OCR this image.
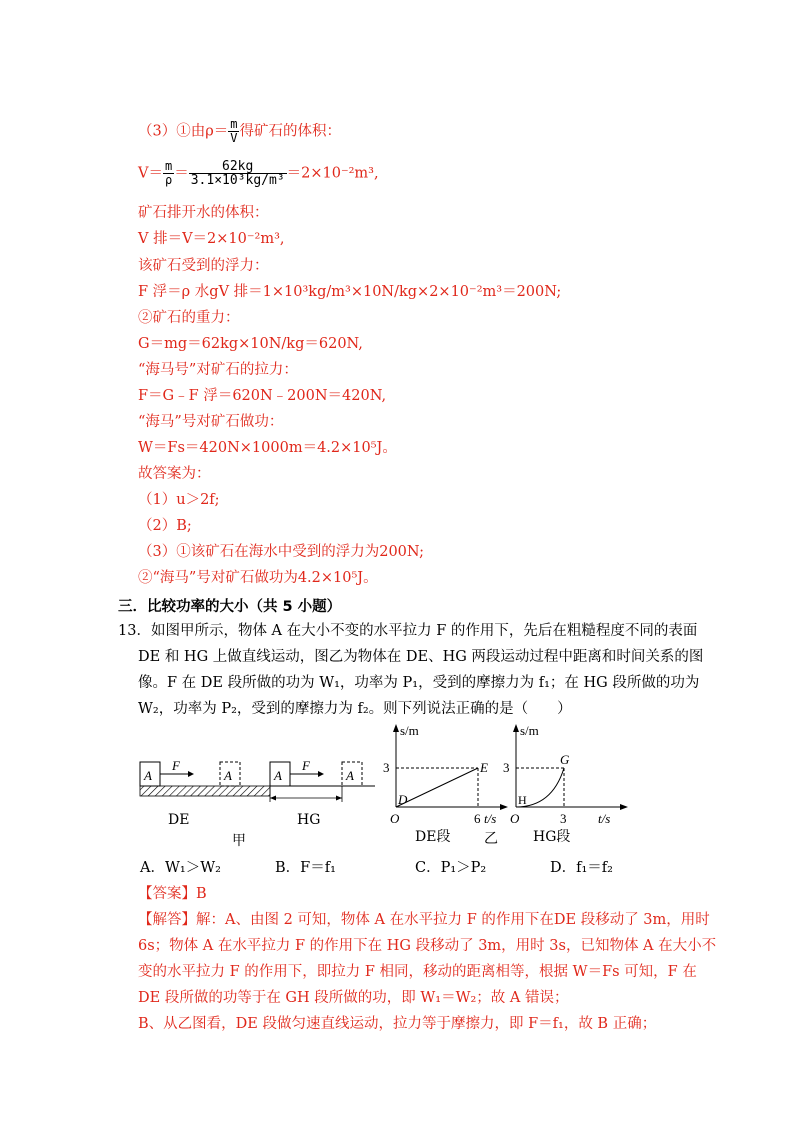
（3）①由$\rho= \frac{m}{V}$ 得矿石的体积：
$V= \frac{m}{\rho} = \frac{62kg}{\text{3.1×10³kg/m³}} =2\times 10^{-2}m^3$,
矿石排开水的体积：
V 排＝V＝2×10⁻²m³,
该矿石受到的浮力：
F 浮＝ρ 水gV 排＝1×10³kg/m³×10N/kg×2×10⁻²m³＝200N;
②矿石的重力：
G＝mg＝62kg×10N/kg＝620N,
“海马号”对矿石的拉力：
F＝G﹣F 浮＝620N﹣200N＝420N,
“海马”号对矿石做功：
W＝Fs＝420N×1000m＝4.2×10⁵J。
故答案为：
（1）u＞2f;
（2）B;
（3）①该矿石在海水中受到的浮力为200N;
②“海马”号对矿石做功为4.2×10⁵J。
三．比较功率的大小（共 5 小题）
13．如图甲所示，物体 A 在大小不变的水平拉力 F 的作用下，先后在粗糙程度不同的表面
DE 和 HG 上做直线运动，图乙为物体在 DE、HG 两段运动过程中距离和时间关系的图
像。F 在 DE 段所做的功为 W₁，功率为 P₁，受到的摩擦力为 f₁；在 HG 段所做的功为
W₂，功率为 P₂，受到的摩擦力为 f₂。则下列说法正确的是（　　）
A
F
A	A
F
A
DE	HG
甲
s/m
3	E
D
O	6 t/s
DE段 乙
s/m
3
G
H
O	3 t/s
HG段
A．W₁＞W₂	B．F＝f₁	C．P₁＞P₂	D．f₁＝f₂
【答案】B
【解答】解：A、由图 2 可知，物体 A 在水平拉力 F 的作用下在DE 段移动了 3m，用时
6s；物体 A 在水平拉力 F 的作用下在 HG 段移动了 3m，用时 3s，已知物体 A 在大小不
变的水平拉力 F 的作用下，即拉力 F 相同，移动的距离相等，根据 W＝Fs 可知，F 在
DE 段所做的功等于在 GH 段所做的功，即 W₁＝W₂；故 A 错误；
B、从乙图看，DE 段做匀速直线运动，拉力等于摩擦力，即 F＝f₁，故 B 正确；
